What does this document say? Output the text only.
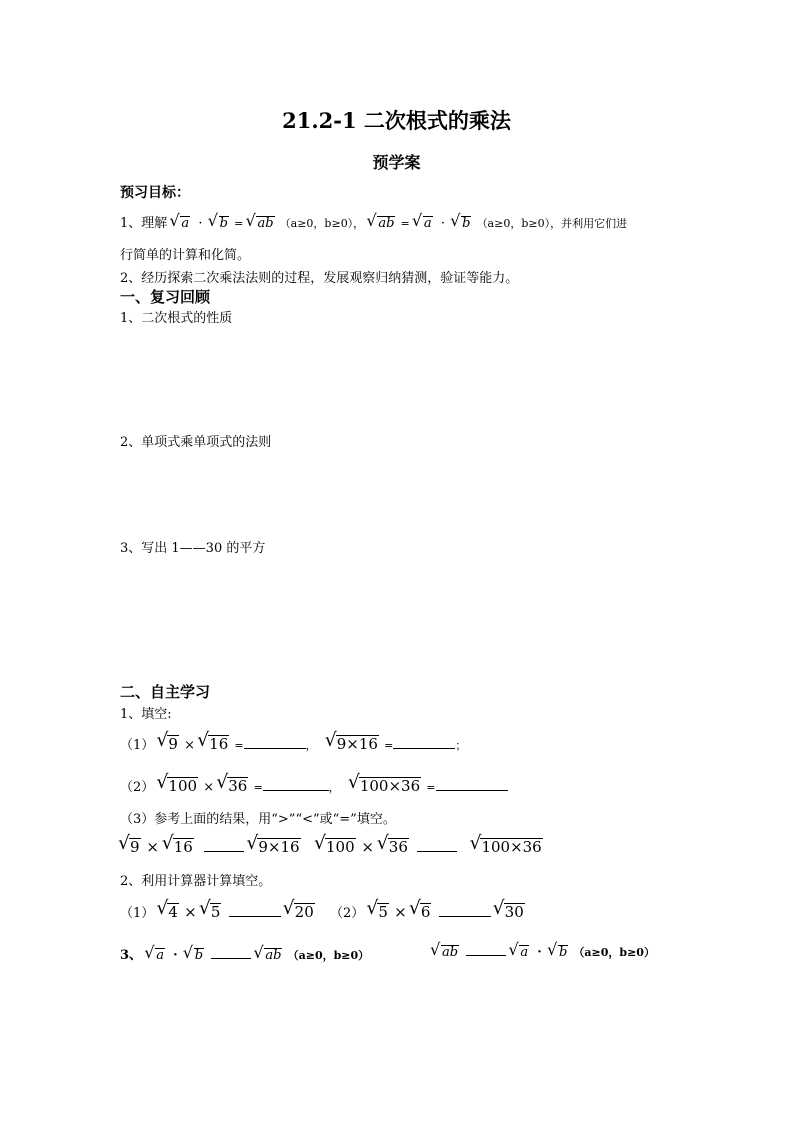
21.2-1 二次根式的乘法
预学案
预习目标：
1、理解 √ a · √ b = √ ab （a≥0，b≥0）， √ ab = √ a · √ b （a≥0，b≥0），并利用它们进
行简单的计算和化简。
2、经历探索二次乘法法则的过程，发展观察归纳猜测，验证等能力。
一、复习回顾
1、二次根式的性质
2、单项式乘单项式的法则
3、写出 1——30 的平方
二、自主学习
1、填空:
（1） √ 9 × √ 16 =	， √ 9×16 =	；
（2） √ 100 × √ 36 =	， √ 100×36 =
（3）参考上面的结果，用“>”“<”或“=”填空。
√ 9 × √ 16	√ 9×16	√ 100 × √ 36	√ 100×36
2、利用计算器计算填空。
（1） √ 4 × √ 5	√ 20 （2） √ 5 × √ 6	√ 30
3、 √ a · √ b	√ ab （a≥0，b≥0）	√ ab	√ a · √ b （a≥0，b≥0）
